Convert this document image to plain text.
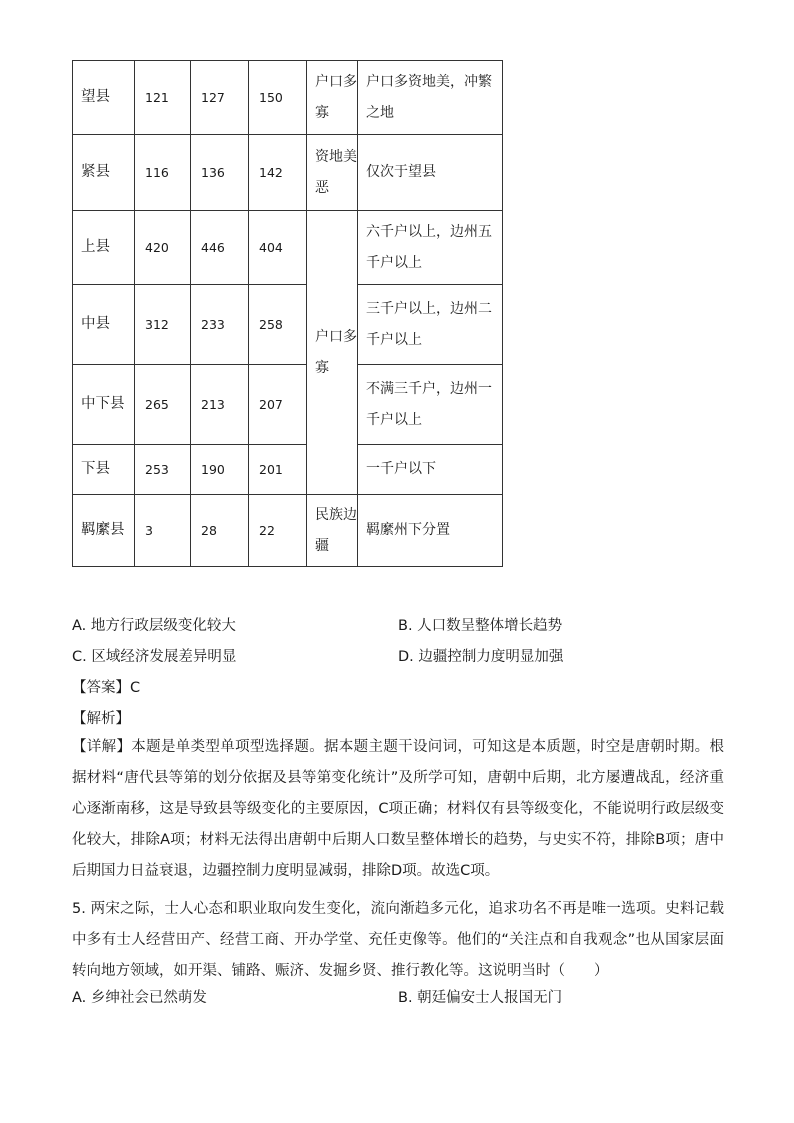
望县	121	127	150	户口多寡	户口多资地美，冲繁之地
紧县	116	136	142	资地美恶	仅次于望县
上县	420	446	404	户口多寡	六千户以上，边州五千户以上
中县	312	233	258		三千户以上，边州二千户以上
中下县	265	213	207		不满三千户，边州一千户以上
下县	253	190	201		一千户以下
羁縻县	3	28	22	民族边疆	羁縻州下分置
A. 地方行政层级变化较大	B. 人口数呈整体增长趋势
C. 区域经济发展差异明显	D. 边疆控制力度明显加强
【答案】C
【解析】
【详解】本题是单类型单项型选择题。据本题主题干设问词，可知这是本质题，时空是唐朝时期。根据材料“唐代县等第的划分依据及县等第变化统计”及所学可知，唐朝中后期，北方屡遭战乱，经济重心逐渐南移，这是导致县等级变化的主要原因，C项正确；材料仅有县等级变化，不能说明行政层级变化较大，排除A项；材料无法得出唐朝中后期人口数呈整体增长的趋势，与史实不符，排除B项；唐中后期国力日益衰退，边疆控制力度明显减弱，排除D项。故选C项。
5. 两宋之际，士人心态和职业取向发生变化，流向渐趋多元化，追求功名不再是唯一选项。史料记载中多有士人经营田产、经营工商、开办学堂、充任吏像等。他们的“关注点和自我观念”也从国家层面转向地方领域，如开渠、铺路、赈济、发掘乡贤、推行教化等。这说明当时（　　）
A. 乡绅社会已然萌发	B. 朝廷偏安士人报国无门
